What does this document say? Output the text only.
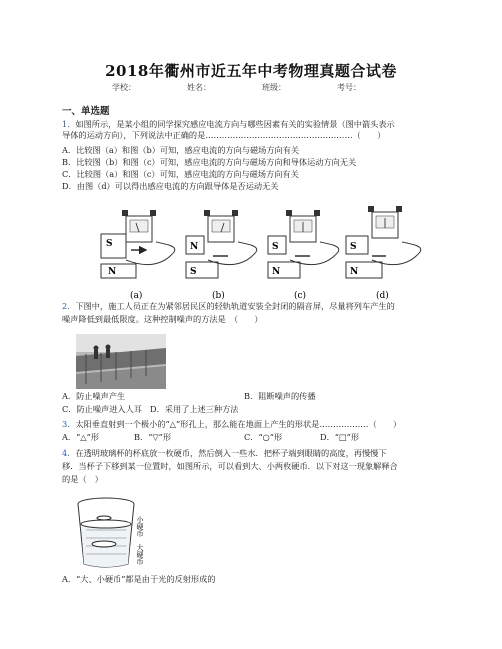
2018年衢州市近五年中考物理真题合试卷
学校：	姓名：	班级：	考号：
一、单选题
1．如图所示，是某小组的同学探究感应电流方向与哪些因素有关的实验情景（图中箭头表示
导体的运动方向），下列说法中正确的是………………………………………………（　　）
A．比较图（a）和图（b）可知，感应电流的方向与磁场方向有关
B．比较图（b）和图（c）可知，感应电流的方向与磁场方向和导体运动方向无关
C．比较图（a）和图（c）可知，感应电流的方向与磁场方向有关
D．由图（d）可以得出感应电流的方向跟导体是否运动无关
S
N
(a)
N
S
(b)
S
N
(c)
S
N
(d)
2．下图中，施工人员正在为紧邻居民区的轻轨轨道安装全封闭的隔音屏，尽量将列车产生的
噪声降低到最低限度。这种控制噪声的方法是　（　　）
A．防止噪声产生	B．阻断噪声的传播
C．防止噪声进入人耳 D．采用了上述三种方法
3．太阳垂直射到一个极小的“△”形孔上，那么能在地面上产生的形状是………………（　　）
A．“△”形	B．“▽”形	C．“○”形	D．“□”形
4．在透明玻璃杯的杯底放一枚硬币，然后倒入一些水．把杯子端到眼睛的高度，再慢慢下
移．当杯子下移到某一位置时，如图所示，可以看到大、小两枚硬币．以下对这一现象解释合
的是（　）
小硬币
大硬币
A．“大、小硬币”都是由于光的反射形成的
